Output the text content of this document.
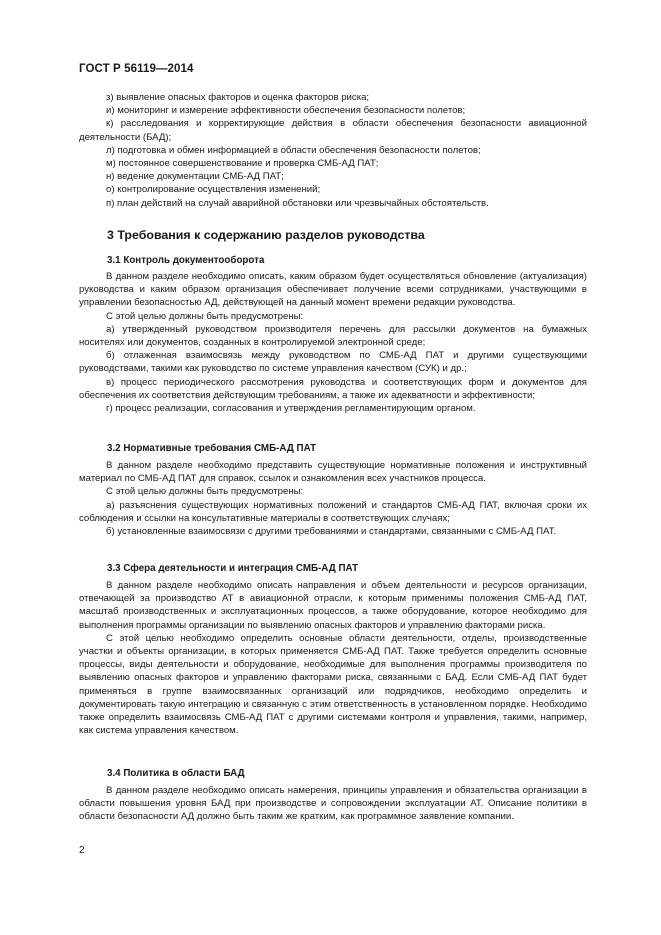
ГОСТ Р 56119—2014

з) выявление опасных факторов и оценка факторов риска;

и) мониторинг и измерение эффективности обеспечения безопасности полетов;

к) расследования и корректирующие действия в области обеспечения безопасности авиационной деятельности (БАД);

л) подготовка и обмен информацией в области обеспечения безопасности полетов;

м) постоянное совершенствование и проверка СМБ-АД ПАТ;

н) ведение документации СМБ-АД ПАТ;

о) контролирование осуществления изменений;

п) план действий на случай аварийной обстановки или чрезвычайных обстоятельств.

3 Требования к содержанию разделов руководства
3.1 Контроль документооборота

В данном разделе необходимо описать, каким образом будет осуществляться обновление (актуализация) руководства и каким образом организация обеспечивает получение всеми сотрудниками, участвующими в управлении безопасностью АД, действующей на данный момент времени редакции руководства.

С этой целью должны быть предусмотрены:

а) утвержденный руководством производителя перечень для рассылки документов на бумажных носителях или документов, созданных в контролируемой электронной среде;

б) отлаженная взаимосвязь между руководством по СМБ-АД ПАТ и другими существующими руководствами, такими как руководство по системе управления качеством (СУК) и др.;

в) процесс периодического рассмотрения руководства и соответствующих форм и документов для обеспечения их соответствия действующим требованиям, а также их адекватности и эффективности;

г) процесс реализации, согласования и утверждения регламентирующим органом.

3.2 Нормативные требования СМБ-АД ПАТ

В данном разделе необходимо представить существующие нормативные положения и инструктивный материал по СМБ-АД ПАТ для справок, ссылок и ознакомления всех участников процесса.

С этой целью должны быть предусмотрены:

а) разъяснения существующих нормативных положений и стандартов СМБ-АД ПАТ, включая сроки их соблюдения и ссылки на консультативные материалы в соответствующих случаях;

б) установленные взаимосвязи с другими требованиями и стандартами, связанными с СМБ-АД ПАТ.

3.3 Сфера деятельности и интеграция СМБ-АД ПАТ

В данном разделе необходимо описать направления и объем деятельности и ресурсов организации, отвечающей за производство АТ в авиационной отрасли, к которым применимы положения СМБ-АД ПАТ, масштаб производственных и эксплуатационных процессов, а также оборудование, которое необходимо для выполнения программы организации по выявлению опасных факторов и управлению факторами риска.

С этой целью необходимо определить основные области деятельности, отделы, производственные участки и объекты организации, в которых применяется СМБ-АД ПАТ. Также требуется определить основные процессы, виды деятельности и оборудование, необходимые для выполнения программы производителя по выявлению опасных факторов и управлению факторами риска, связанными с БАД. Если СМБ-АД ПАТ будет применяться в группе взаимосвязанных организаций или подрядчиков, необходимо определить и документировать такую интеграцию и связанную с этим ответственность в установленном порядке. Необходимо также определить взаимосвязь СМБ-АД ПАТ с другими системами контроля и управления, такими, например, как система управления качеством.

3.4 Политика в области БАД

В данном разделе необходимо описать намерения, принципы управления и обязательства организации в области повышения уровня БАД при производстве и сопровождении эксплуатации АТ. Описание политики в области безопасности АД должно быть таким же кратким, как программное заявление компании.

2
